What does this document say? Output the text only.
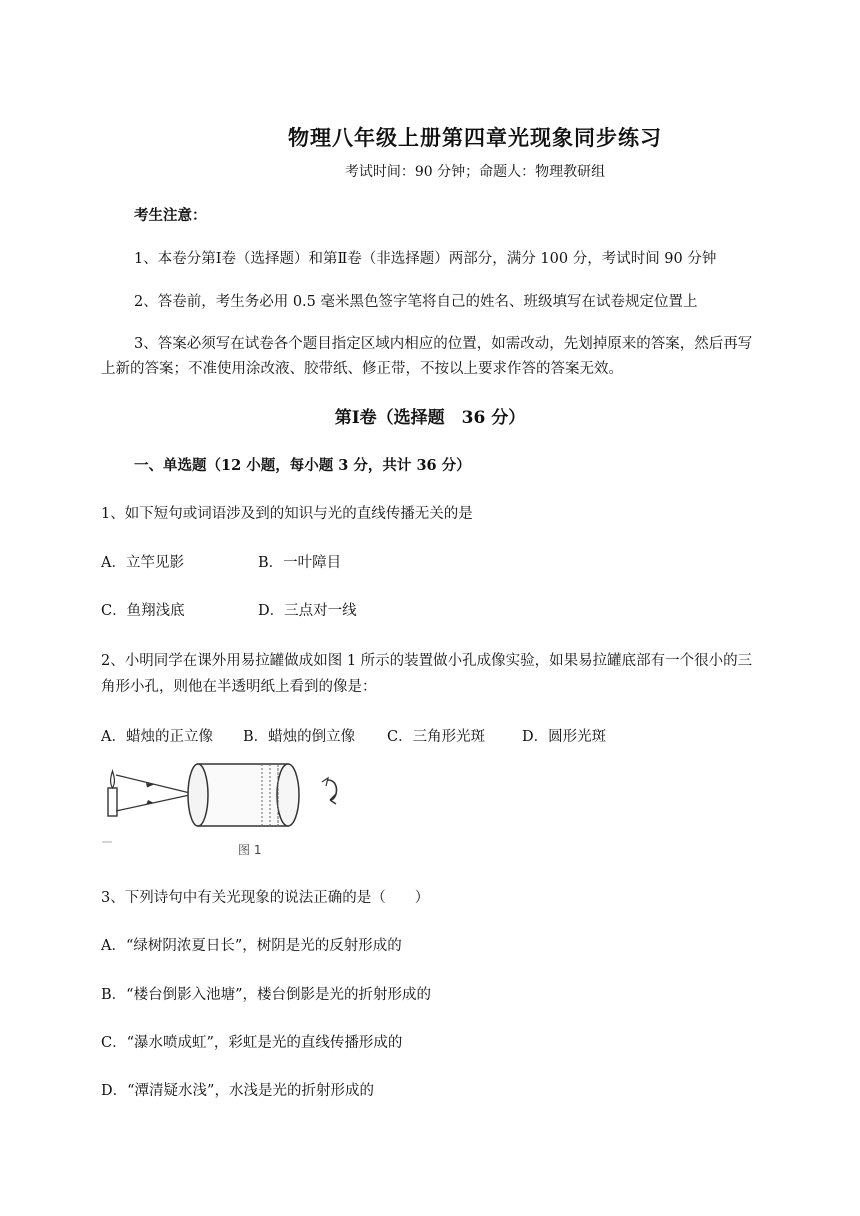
物理八年级上册第四章光现象同步练习
考试时间：90 分钟；命题人：物理教研组
考生注意：
1、本卷分第Ⅰ卷（选择题）和第Ⅱ卷（非选择题）两部分，满分 100 分，考试时间 90 分钟
2、答卷前，考生务必用 0.5 毫米黑色签字笔将自己的姓名、班级填写在试卷规定位置上
3、答案必须写在试卷各个题目指定区域内相应的位置，如需改动，先划掉原来的答案，然后再写
上新的答案；不准使用涂改液、胶带纸、修正带，不按以上要求作答的答案无效。
第Ⅰ卷（选择题　36 分）
一、单选题（12 小题，每小题 3 分，共计 36 分）
1、如下短句或词语涉及到的知识与光的直线传播无关的是
A．立竿见影	B．一叶障目
C．鱼翔浅底	D．三点对一线
2、小明同学在课外用易拉罐做成如图 1 所示的装置做小孔成像实验，如果易拉罐底部有一个很小的三
角形小孔，则他在半透明纸上看到的像是：
A．蜡烛的正立像 B．蜡烛的倒立像 C．三角形光斑	D．圆形光斑
图 1
3、下列诗句中有关光现象的说法正确的是（　　）
A．“绿树阴浓夏日长”，树阴是光的反射形成的
B．“楼台倒影入池塘”，楼台倒影是光的折射形成的
C．“瀑水喷成虹”，彩虹是光的直线传播形成的
D．“潭清疑水浅”，水浅是光的折射形成的
